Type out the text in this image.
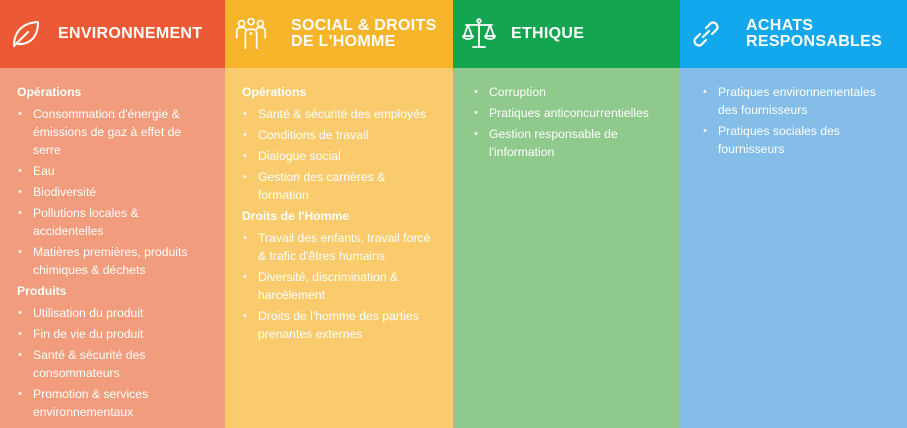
ENVIRONNEMENT
Opérations
• Consommation d'énergie & émissions de gaz à effet de serre
• Eau
• Biodiversité
• Pollutions locales & accidentelles
• Matières premières, produits chimiques & déchets
Produits
• Utilisation du produit
• Fin de vie du produit
• Santé & sécurité des consommateurs
• Promotion & services environnementaux
SOCIAL & DROITS
DE L'HOMME
Opérations
• Santé & sécurité des employés
• Conditions de travail
• Dialogue social
• Gestion des carrières & formation
Droits de l'Homme
• Travail des enfants, travail forcé & trafic d'êtres humains
• Diversité, discrimination & harcèlement
• Droits de l'homme des parties prenantes externes
ETHIQUE
• Corruption
• Pratiques anticoncurrentielles
• Gestion responsable de l'information
ACHATS
RESPONSABLES
• Pratiques environnementales des fournisseurs
• Pratiques sociales des fournisseurs
